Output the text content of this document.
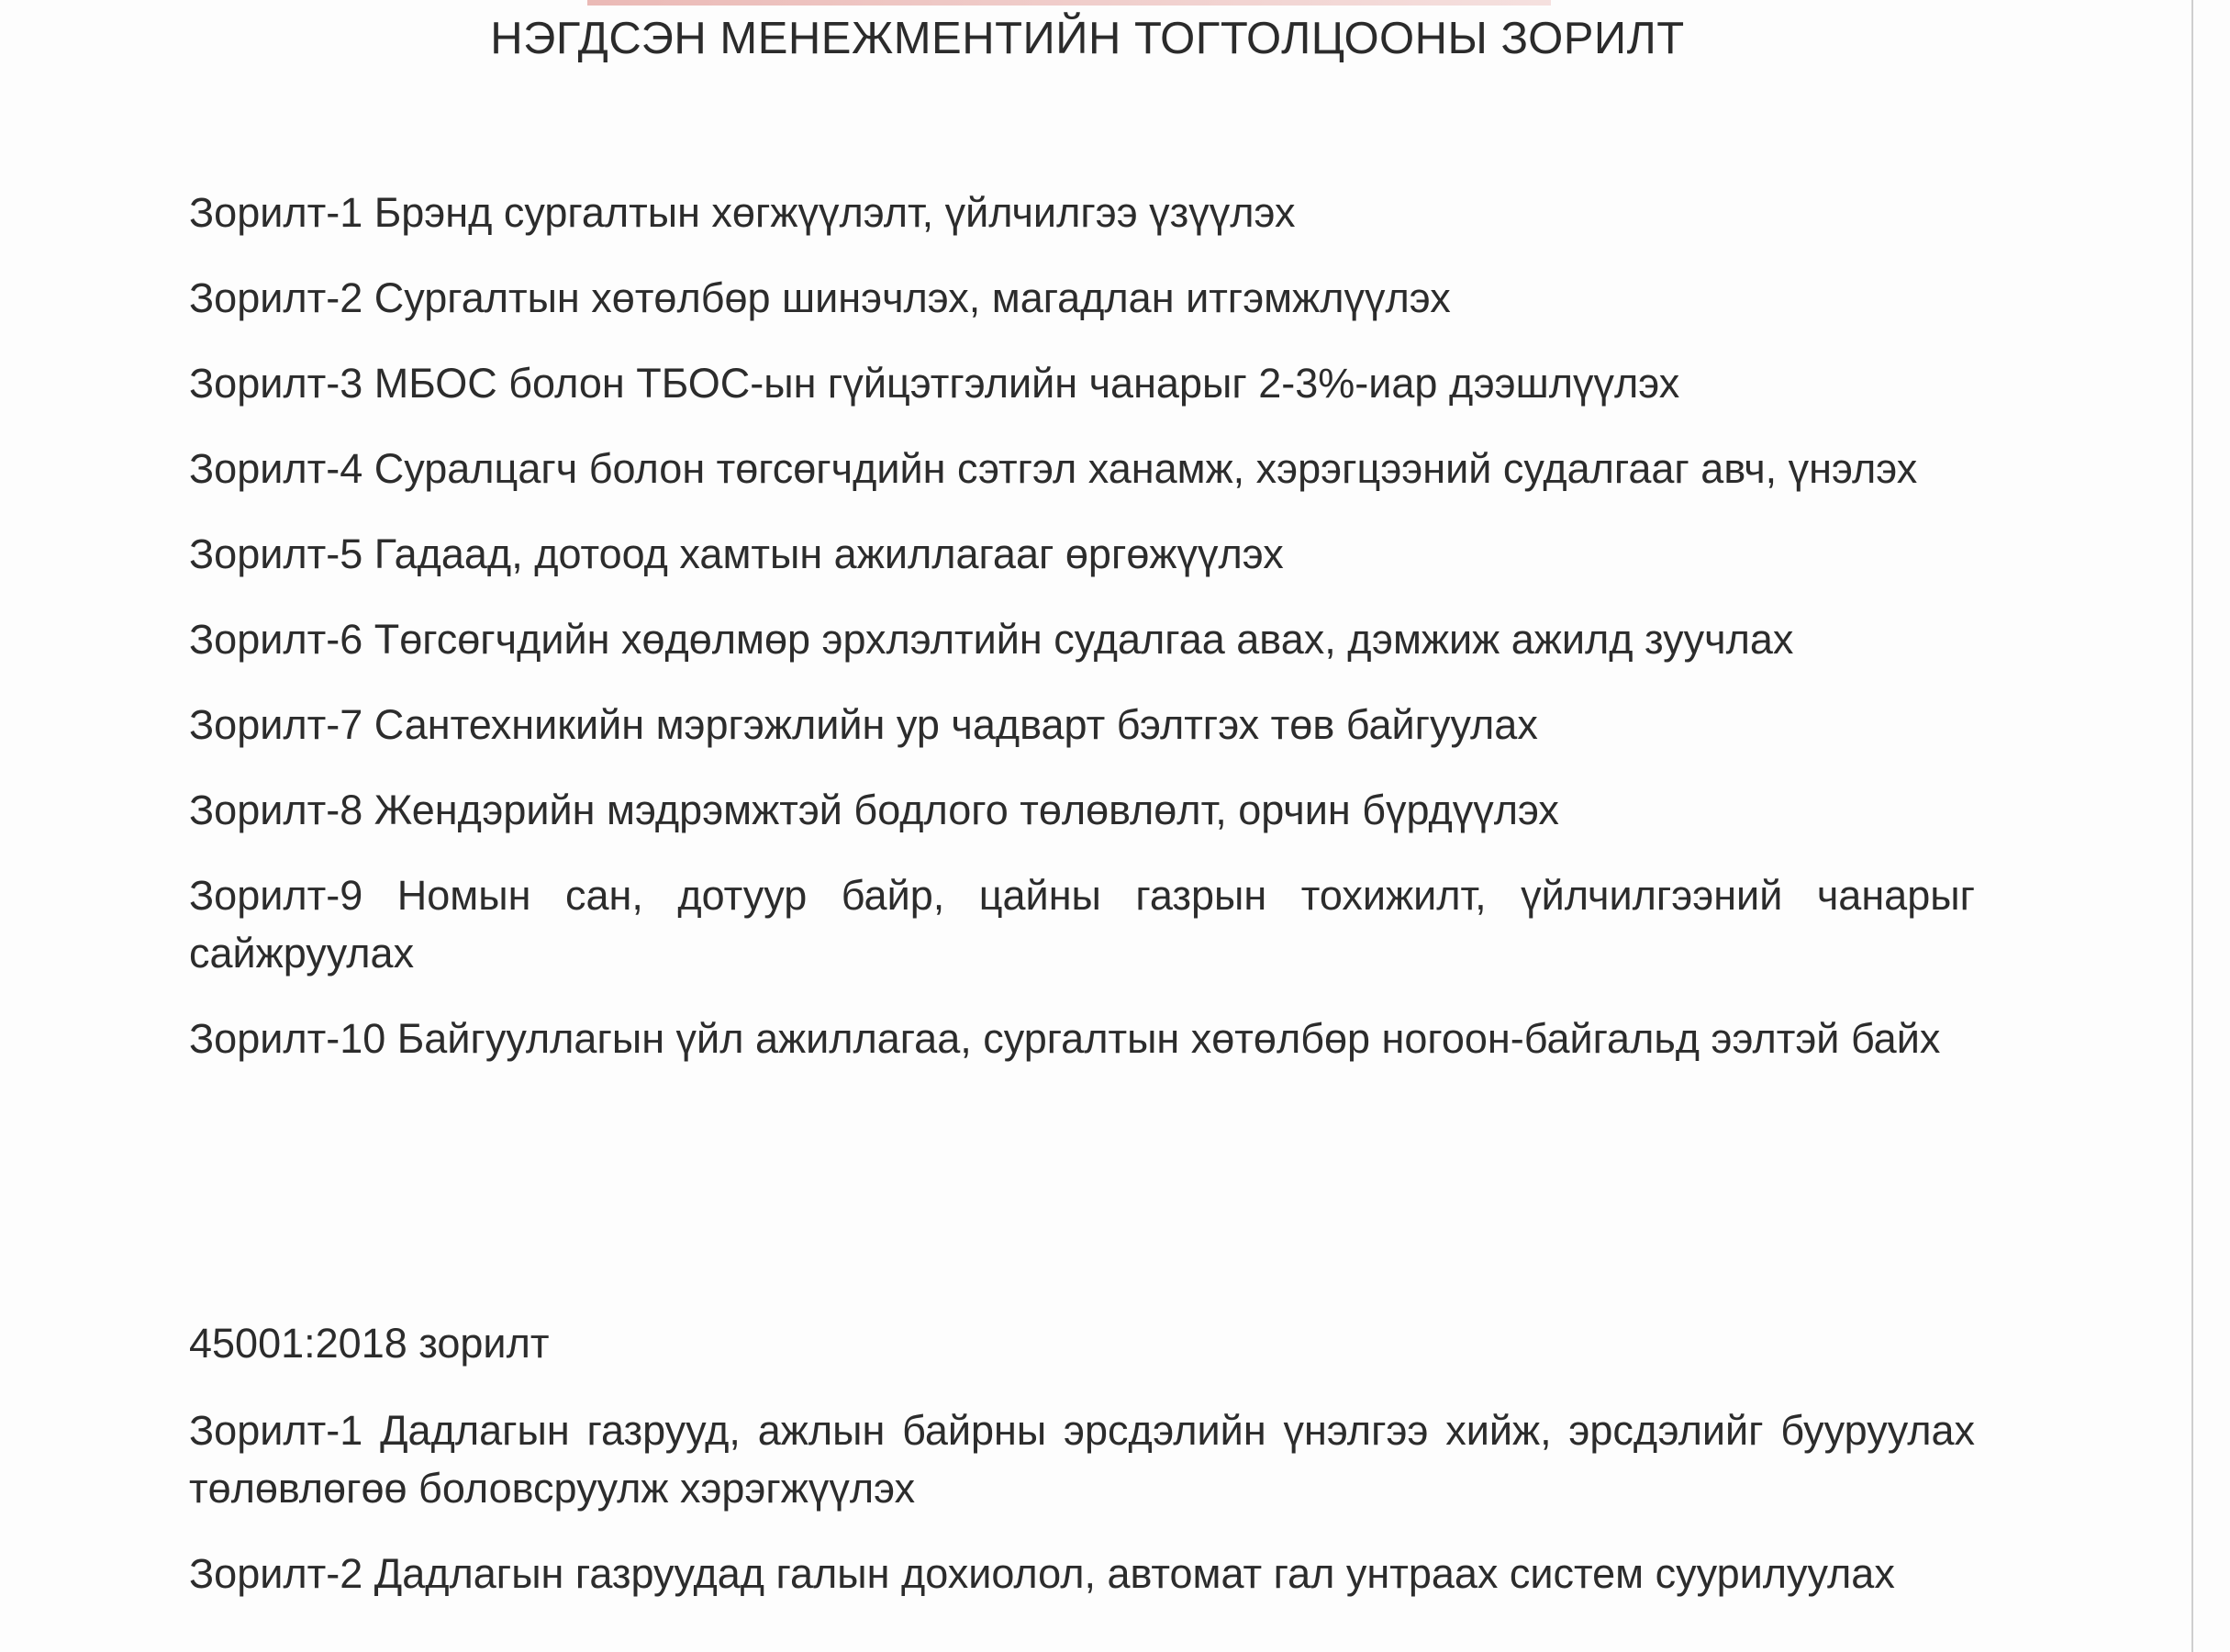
НЭГДСЭН МЕНЕЖМЕНТИЙН ТОГТОЛЦООНЫ ЗОРИЛТ
Зорилт-1 Брэнд сургалтын хөгжүүлэлт, үйлчилгээ үзүүлэх
Зорилт-2 Сургалтын хөтөлбөр шинэчлэх, магадлан итгэмжлүүлэх
Зорилт-3 МБОС болон ТБОС-ын гүйцэтгэлийн чанарыг 2-3%-иар дээшлүүлэх
Зорилт-4 Суралцагч болон төгсөгчдийн сэтгэл ханамж, хэрэгцээний судалгааг авч, үнэлэх
Зорилт-5 Гадаад, дотоод хамтын ажиллагааг өргөжүүлэх
Зорилт-6 Төгсөгчдийн хөдөлмөр эрхлэлтийн судалгаа авах, дэмжиж ажилд зуучлах
Зорилт-7 Сантехникийн мэргэжлийн ур чадварт бэлтгэх төв байгуулах
Зорилт-8 Жендэрийн мэдрэмжтэй бодлого төлөвлөлт, орчин бүрдүүлэх
Зорилт-9 Номын сан, дотуур байр, цайны газрын тохижилт, үйлчилгээний чанарыг сайжруулах
Зорилт-10 Байгууллагын үйл ажиллагаа, сургалтын хөтөлбөр ногоон-байгальд ээлтэй байх
45001:2018 зорилт
Зорилт-1 Дадлагын газрууд, ажлын байрны эрсдэлийн үнэлгээ хийж, эрсдэлийг бууруулах төлөвлөгөө боловсруулж хэрэгжүүлэх
Зорилт-2 Дадлагын газруудад галын дохиолол, автомат гал унтраах систем суурилуулах
